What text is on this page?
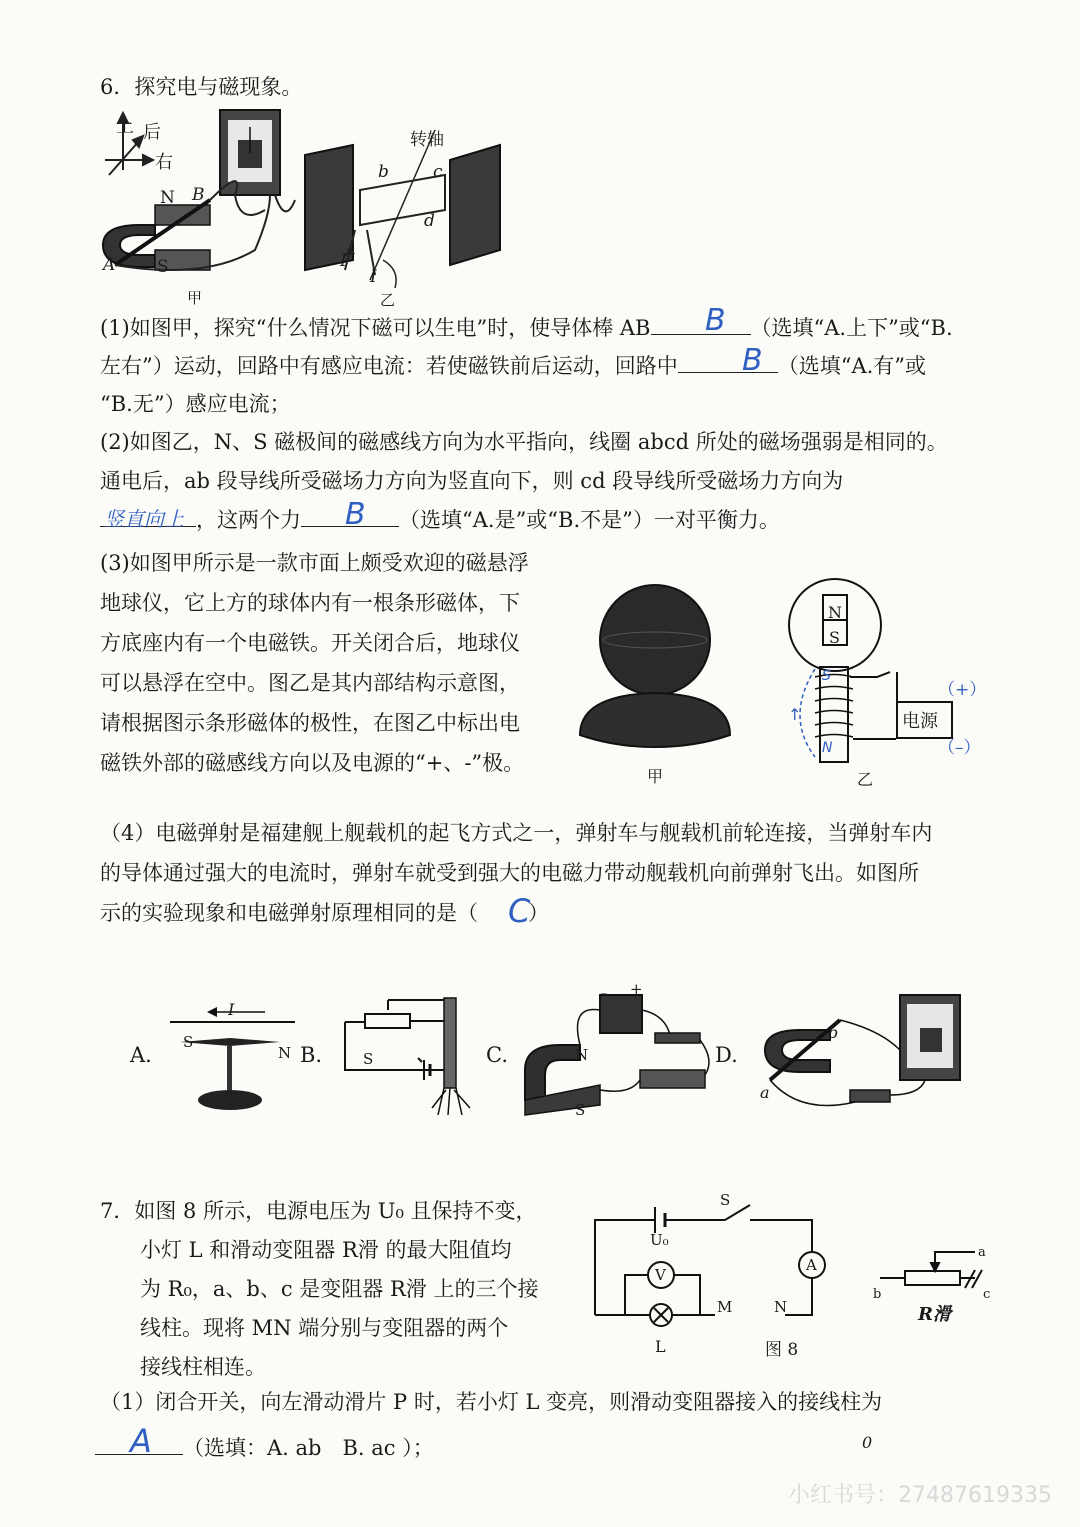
6．探究电与磁现象。
上 后
右
N B
A S
甲
转轴
b	c
d
I
I
乙
(1)如图甲，探究“什么情况下磁可以生电”时，使导体棒 AB	（选填“A.上下”或“B.
B
左右”）运动，回路中有感应电流：若使磁铁前后运动，回路中	（选填“A.有”或
B
“B.无”）感应电流；
(2)如图乙，N、S 磁极间的磁感线方向为水平指向，线圈 abcd 所处的磁场强弱是相同的。
通电后，ab 段导线所受磁场力方向为竖直向下，则 cd 段导线所受磁场力方向为
，这两个力	（选填“A.是”或“B.不是”）一对平衡力。
竖直向上	B
(3)如图甲所示是一款市面上颇受欢迎的磁悬浮
地球仪，它上方的球体内有一根条形磁体，下
方底座内有一个电磁铁。开关闭合后，地球仪
可以悬浮在空中。图乙是其内部结构示意图，
请根据图示条形磁体的极性，在图乙中标出电
磁铁外部的磁感线方向以及电源的“+、-”极。
甲
N
S
电源
（+）
（–）
S
N
↑
乙
（4）电磁弹射是福建舰上舰载机的起飞方式之一，弹射车与舰载机前轮连接，当弹射车内
的导体通过强大的电流时，弹射车就受到强大的电磁力带动舰载机向前弹射飞出。如图所
示的实验现象和电磁弹射原理相同的是（ ）
C
A.
I
S
N B.	S	C.	N
S
– +
D.
a
b
7．如图 8 所示，电源电压为 U₀ 且保持不变，
小灯 L 和滑动变阻器 R滑 的最大阻值均
为 R₀，a、b、c 是变阻器 R滑 上的三个接
线柱。现将 MN 端分别与变阻器的两个
接线柱相连。
S
U₀
V
A
M	N
L	图 8
a
b	c
R滑
（1）闭合开关，向左滑动滑片 P 时，若小灯 L 变亮，则滑动变阻器接入的接线柱为
（选填：A. ab　B. ac ）；
A	0
小红书号：27487619335
